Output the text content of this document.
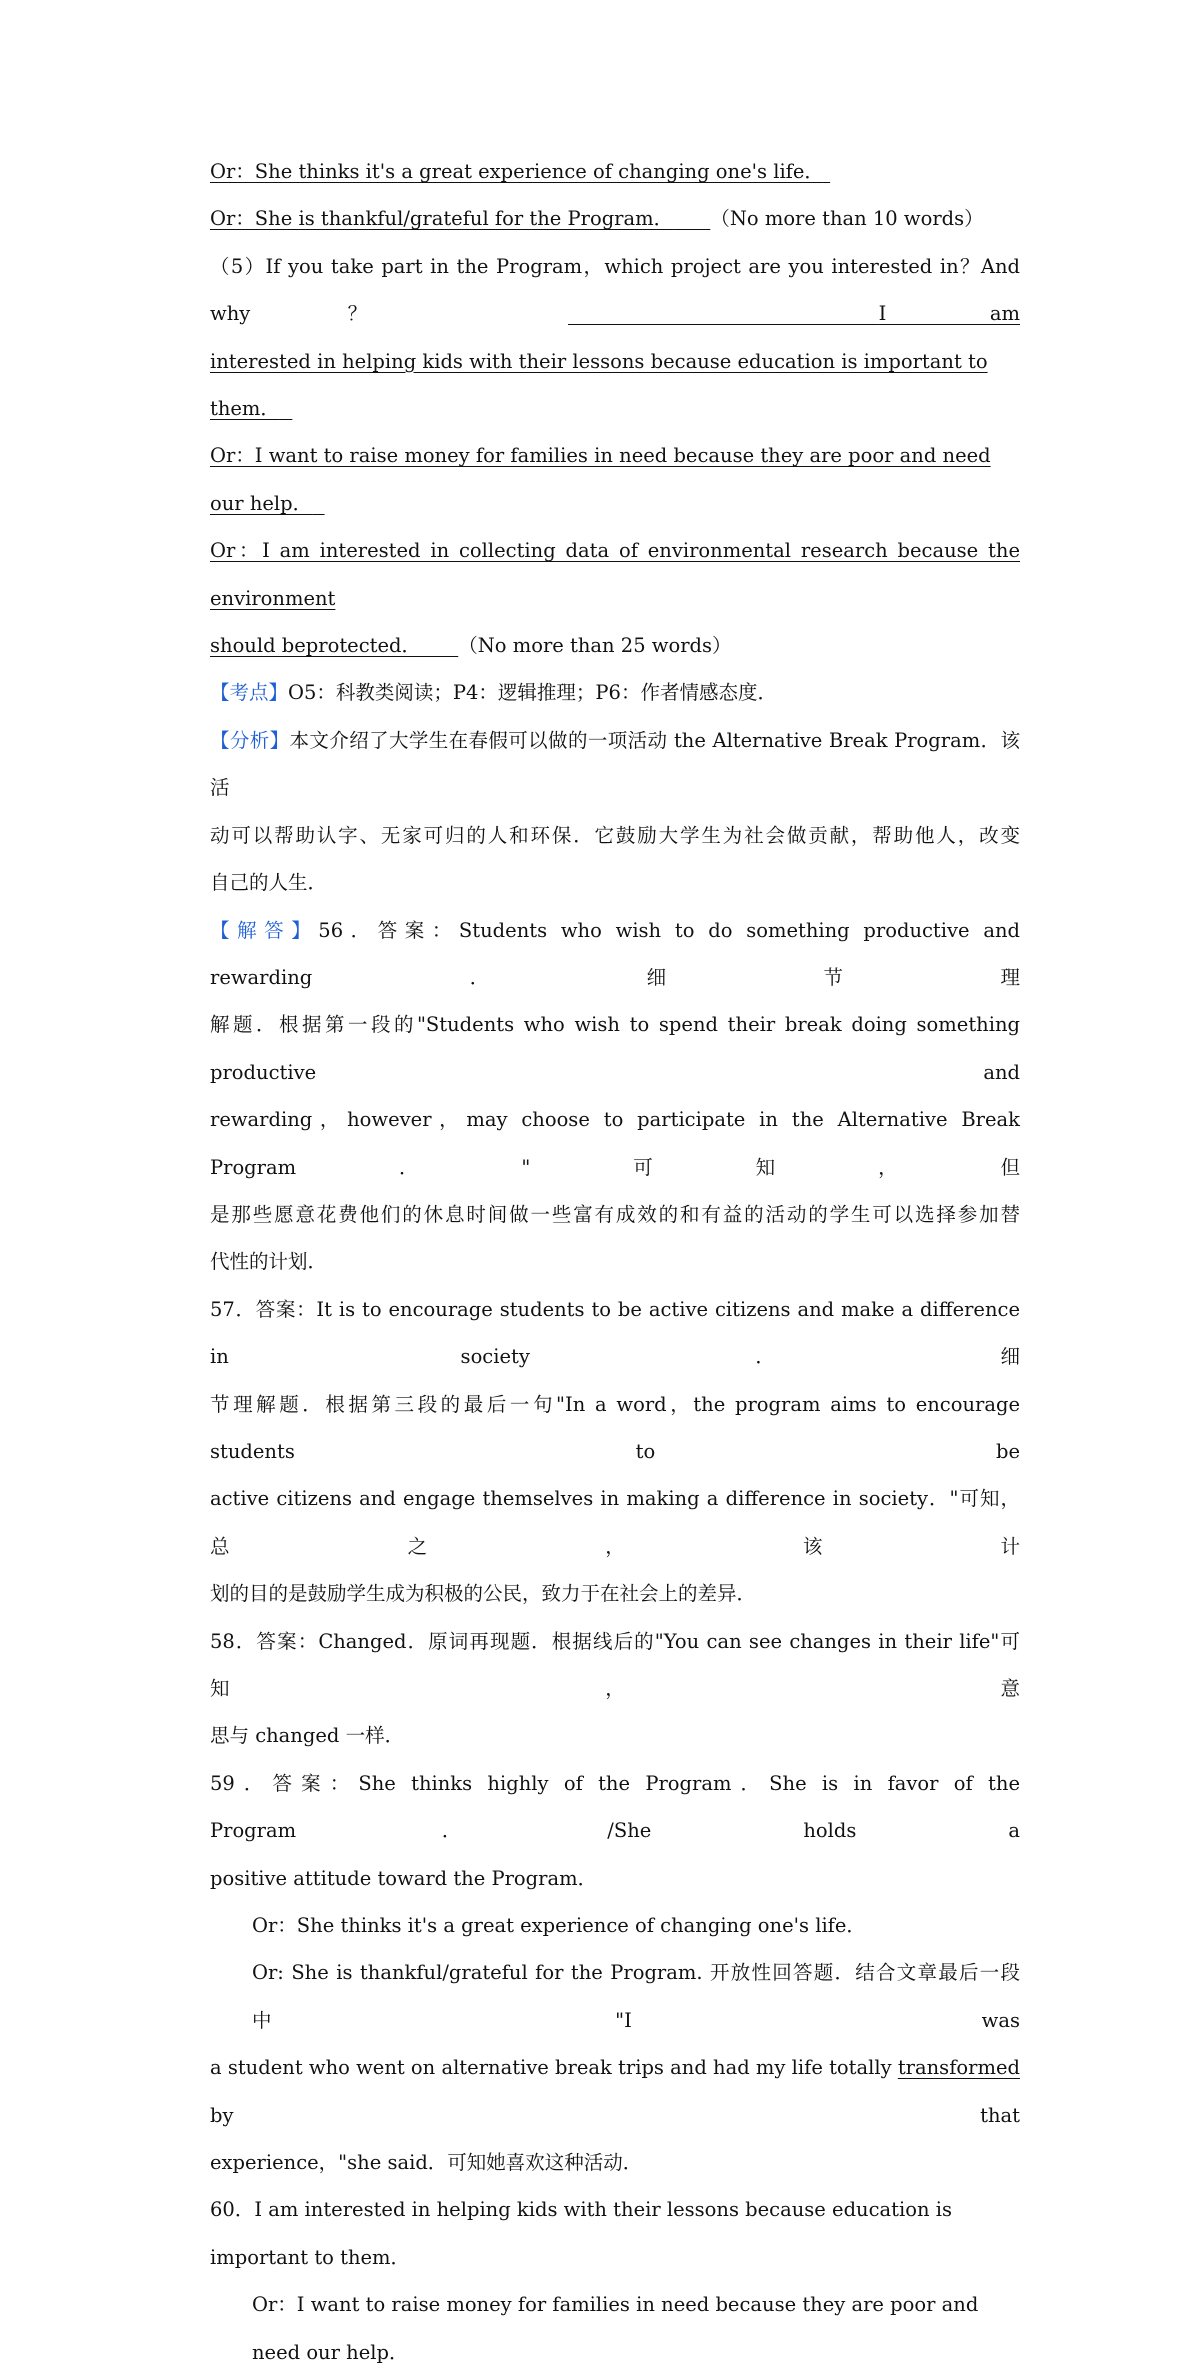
Or：She thinks it's a great experience of changing one's life．

Or：She is thankful/grateful for the Program． （No more than 10 words）

（5）If you take part in the Program，which project are you interested in？And why？	I am

interested in helping kids with their lessons because education is important to them．

Or：I want to raise money for families in need because they are poor and need our help．

Or：I am interested in collecting data of environmental research because the environment

should beprotected． （No more than 25 words）

【考点】O5：科教类阅读；P4：逻辑推理；P6：作者情感态度．

【分析】本文介绍了大学生在春假可以做的一项活动 the Alternative Break Program．该活

动可以帮助认字、无家可归的人和环保．它鼓励大学生为社会做贡献，帮助他人，改变

自己的人生．

【解答】56．答案：Students who wish to do something productive and rewarding．细节理

解题．根据第一段的"Students who wish to spend their break doing something productive and

rewarding，however，may choose to participate in the Alternative Break Program．"可知，但

是那些愿意花费他们的休息时间做一些富有成效的和有益的活动的学生可以选择参加替

代性的计划．

57．答案：It is to encourage students to be active citizens and make a difference in society．细

节理解题．根据第三段的最后一句"In a word，the program aims to encourage students to be

active citizens and engage themselves in making a difference in society．"可知，总之，该计

划的目的是鼓励学生成为积极的公民，致力于在社会上的差异．

58．答案：Changed．原词再现题．根据线后的"You can see changes in their life"可知，意

思与 changed 一样．

59．答案：She thinks highly of the Program．She is in favor of the Program．/She holds a

positive attitude toward the Program．

Or：She thinks it's a great experience of changing one's life．

Or: She is thankful/grateful for the Program. 开放性回答题．结合文章最后一段中"I was

a student who went on alternative break trips and had my life totally transformed by that

experience，"she said．可知她喜欢这种活动．

60．I am interested in helping kids with their lessons because education is important to them．

Or：I want to raise money for families in need because they are poor and need our help．
